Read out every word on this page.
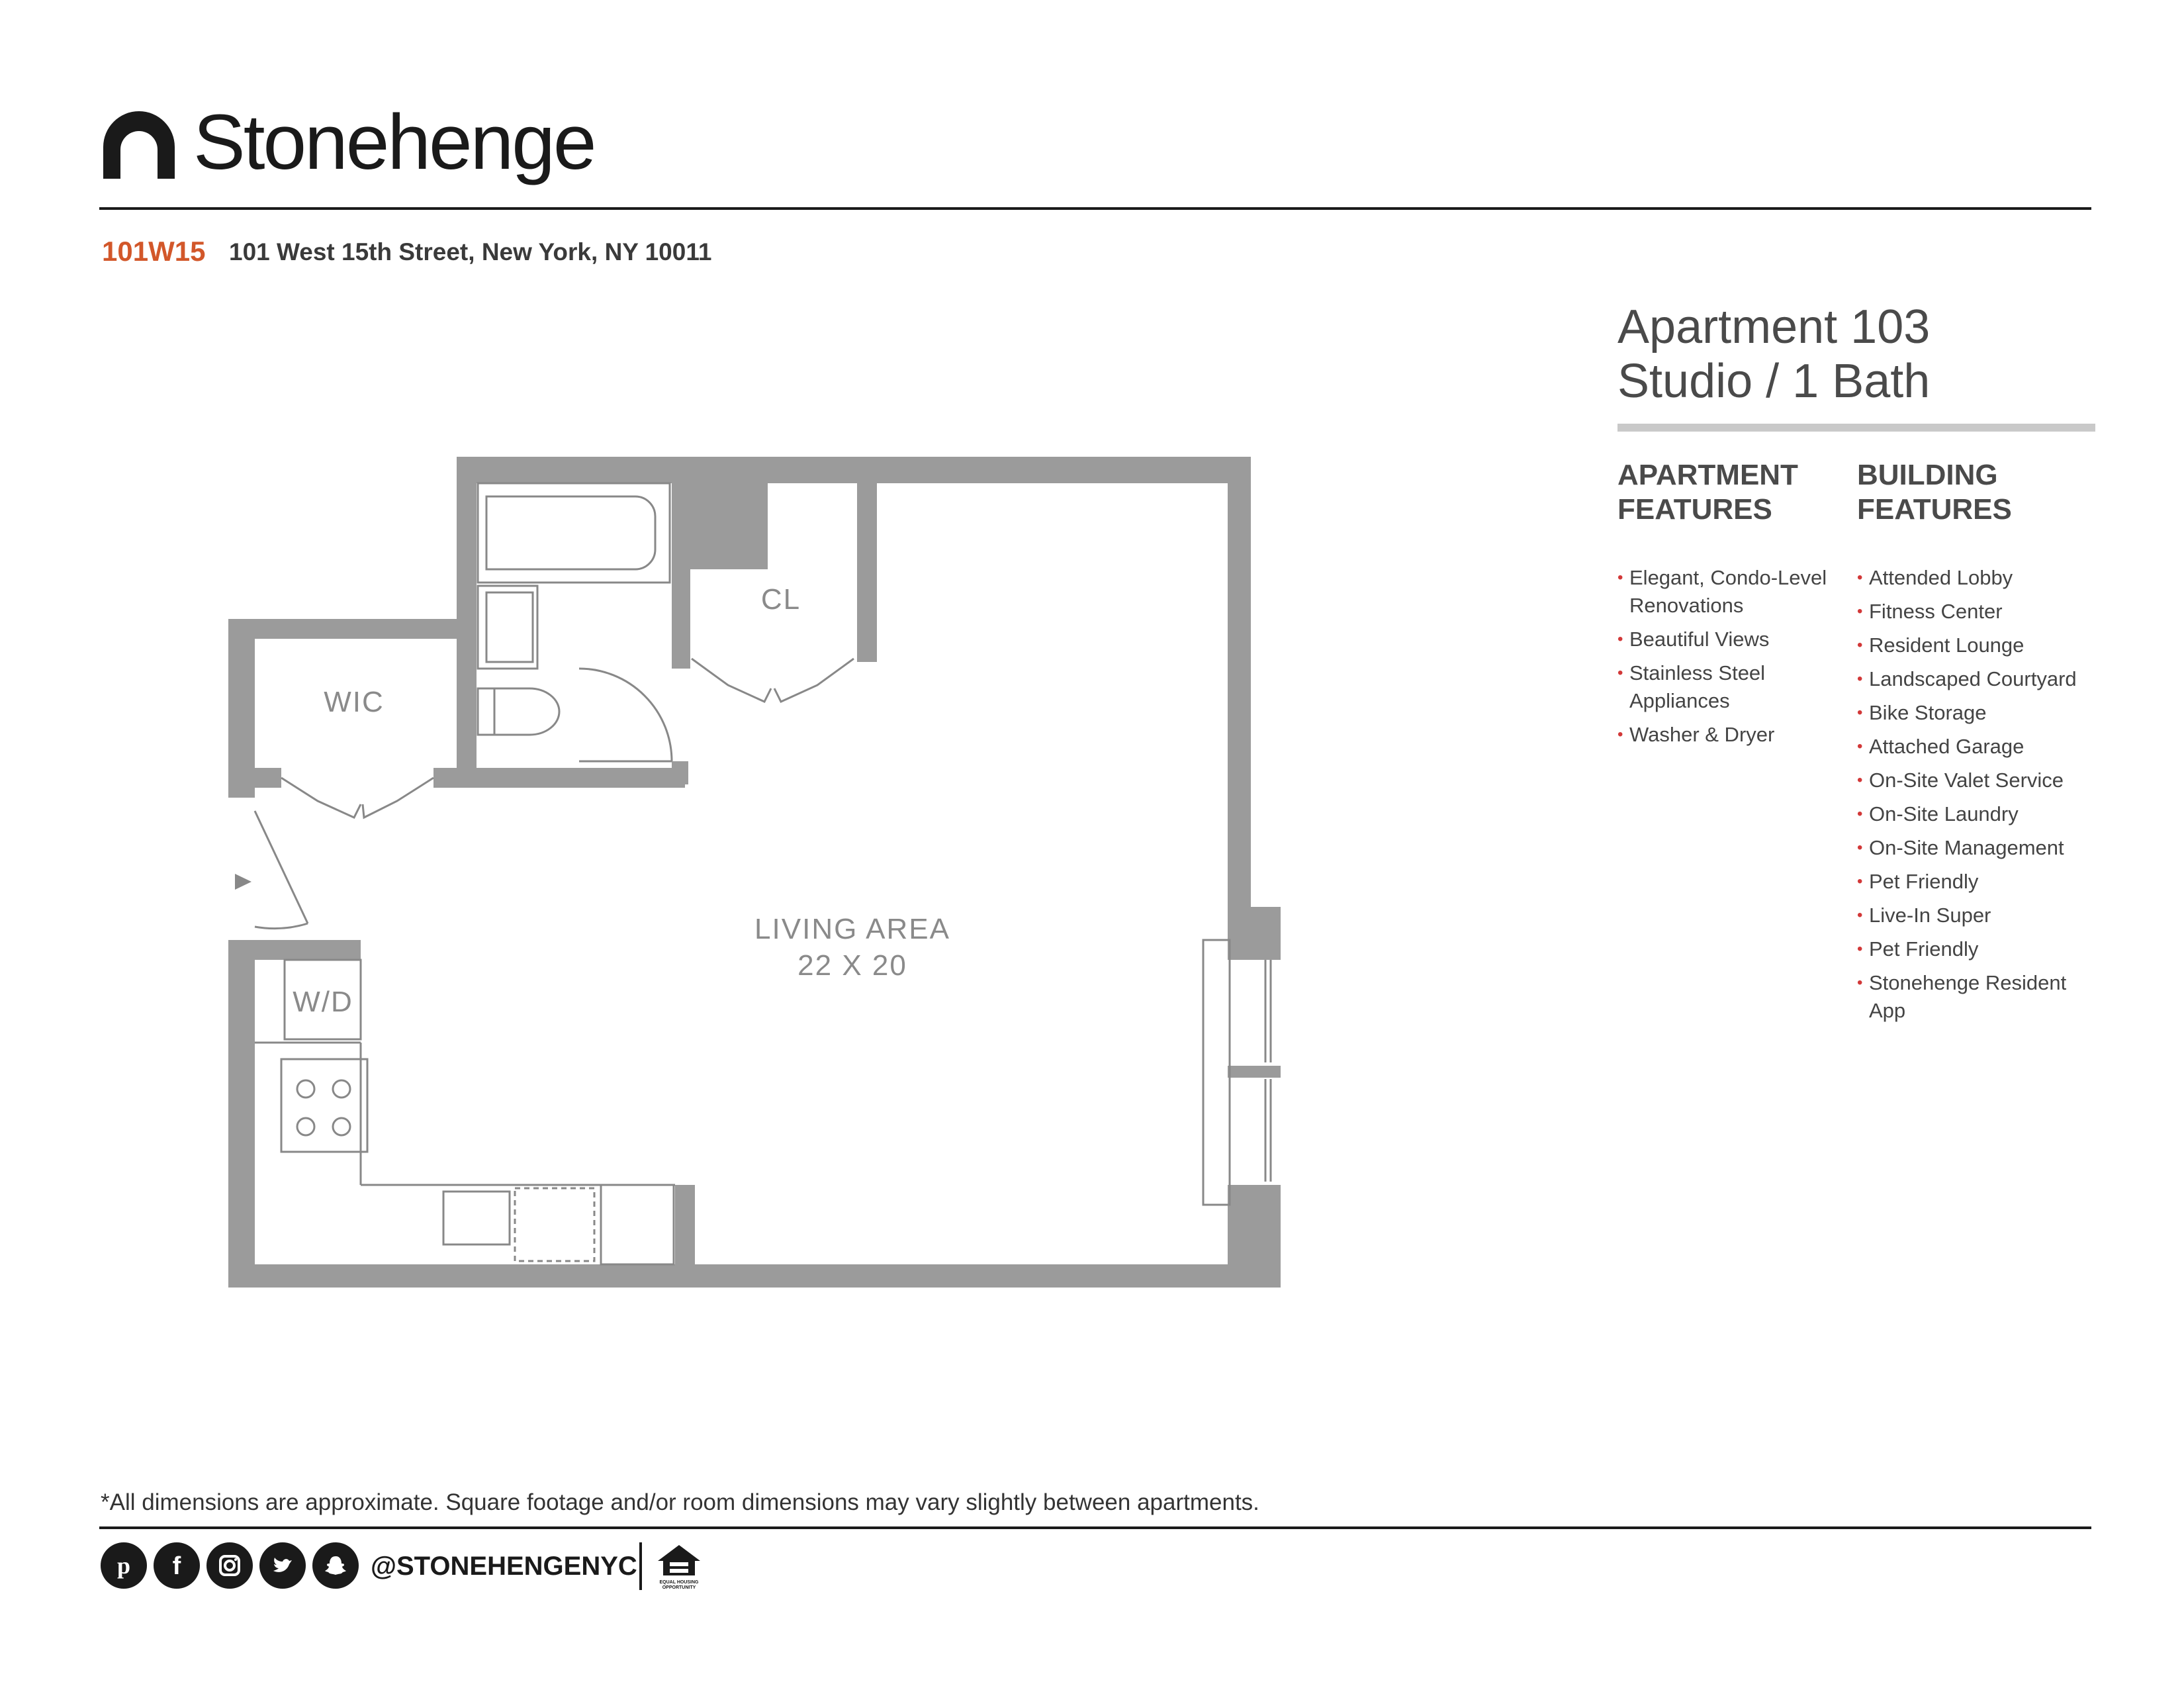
Stonehenge
101W15 101 West 15th Street, New York, NY 10011
Apartment 103
Studio / 1 Bath
APARTMENT
FEATURES
BUILDING
FEATURES
• Elegant, Condo-Level Renovations
• Beautiful Views
• Stainless Steel Appliances
• Washer & Dryer
• Attended Lobby
• Fitness Center
• Resident Lounge
• Landscaped Courtyard
• Bike Storage
• Attached Garage
• On-Site Valet Service
• On-Site Laundry
• On-Site Management
• Pet Friendly
• Live-In Super
• Pet Friendly
• Stonehenge Resident App
CL
WIC
LIVING AREA
22 X 20
W/D
*All dimensions are approximate. Square footage and/or room dimensions may vary slightly between apartments.
p f	@STONEHENGENYC
EQUAL HOUSING
OPPORTUNITY
